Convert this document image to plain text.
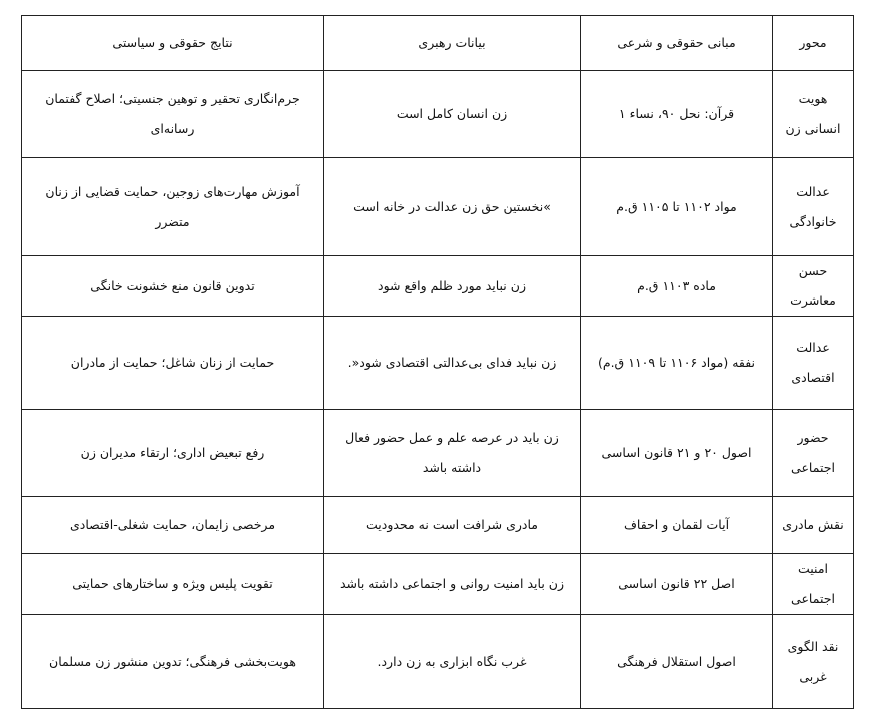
محور	مبانی حقوقی و شرعی	بیانات رهبری	نتایج حقوقی و سیاستی
هویت انسانی زن	قرآن: نحل ۹۰، نساء ۱	زن انسان کامل است	جرم‌انگاری تحقیر و توهین جنسیتی؛ اصلاح گفتمان رسانه‌ای
عدالت خانوادگی	مواد ۱۱۰۲ تا ۱۱۰۵ ق.م	»نخستین حق زن عدالت در خانه است	آموزش مهارت‌های زوجین، حمایت قضایی از زنان متضرر
حسن معاشرت	ماده ۱۱۰۳ ق.م	زن نباید مورد ظلم واقع شود	تدوین قانون منع خشونت خانگی
عدالت اقتصادی	نفقه (مواد ۱۱۰۶ تا ۱۱۰۹ ق.م)	زن نباید فدای بی‌عدالتی اقتصادی شود«.	حمایت از زنان شاغل؛ حمایت از مادران
حضور اجتماعی	اصول ۲۰ و ۲۱ قانون اساسی	زن باید در عرصه علم و عمل حضور فعال داشته باشد	رفع تبعیض اداری؛ ارتقاء مدیران زن
نقش مادری	آیات لقمان و احقاف	مادری شرافت است نه محدودیت	مرخصی زایمان، حمایت شغلی-اقتصادی
امنیت اجتماعی	اصل ۲۲ قانون اساسی	زن باید امنیت روانی و اجتماعی داشته باشد	تقویت پلیس ویژه و ساختارهای حمایتی
نقد الگوی غربی	اصول استقلال فرهنگی	غرب نگاه ابزاری به زن دارد.	هویت‌بخشی فرهنگی؛ تدوین منشور زن مسلمان
